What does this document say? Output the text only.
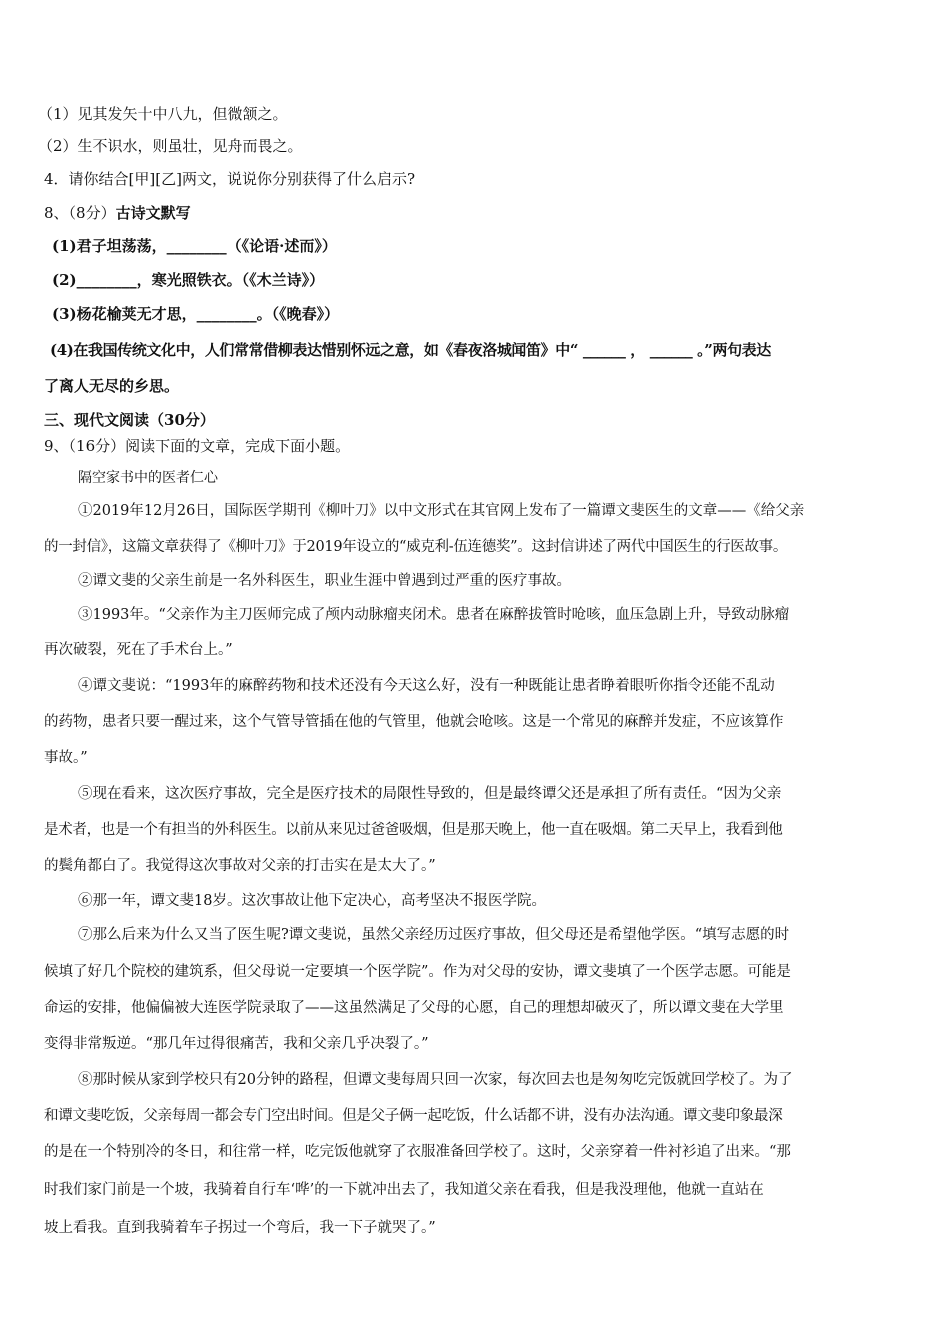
（1）见其发矢十中八九，但微颔之。
（2）生不识水，则虽壮，见舟而畏之。
4．请你结合[甲][乙]两文，说说你分别获得了什么启示?
8、（8分）古诗文默写
(1)君子坦荡荡，________（《论语·述而》）
(2)________，寒光照铁衣。（《木兰诗》）
(3)杨花榆荚无才思，________。（《晚春》）
(4)在我国传统文化中，人们常常借柳表达惜别怀远之意，如《春夜洛城闻笛》中“ ______ ， ______ 。”两句表达
了离人无尽的乡思。
三、现代文阅读（30分）
9、（16分）阅读下面的文章，完成下面小题。
隔空家书中的医者仁心
①2019年12月26日，国际医学期刊《柳叶刀》以中文形式在其官网上发布了一篇谭文斐医生的文章——《给父亲
的一封信》，这篇文章获得了《柳叶刀》于2019年设立的“威克利-伍连德奖”。这封信讲述了两代中国医生的行医故事。
②谭文斐的父亲生前是一名外科医生，职业生涯中曾遇到过严重的医疗事故。
③1993年。“父亲作为主刀医师完成了颅内动脉瘤夹闭术。患者在麻醉拔管时呛咳，血压急剧上升，导致动脉瘤
再次破裂，死在了手术台上。”
④谭文斐说：“1993年的麻醉药物和技术还没有今天这么好，没有一种既能让患者睁着眼听你指令还能不乱动
的药物，患者只要一醒过来，这个气管导管插在他的气管里，他就会呛咳。这是一个常见的麻醉并发症，不应该算作
事故。”
⑤现在看来，这次医疗事故，完全是医疗技术的局限性导致的，但是最终谭父还是承担了所有责任。“因为父亲
是术者，也是一个有担当的外科医生。以前从来见过爸爸吸烟，但是那天晚上，他一直在吸烟。第二天早上，我看到他
的鬓角都白了。我觉得这次事故对父亲的打击实在是太大了。”
⑥那一年，谭文斐18岁。这次事故让他下定决心，高考坚决不报医学院。
⑦那么后来为什么又当了医生呢?谭文斐说，虽然父亲经历过医疗事故，但父母还是希望他学医。“填写志愿的时
候填了好几个院校的建筑系，但父母说一定要填一个医学院”。作为对父母的安协，谭文斐填了一个医学志愿。可能是
命运的安排，他偏偏被大连医学院录取了——这虽然满足了父母的心愿，自己的理想却破灭了，所以谭文斐在大学里
变得非常叛逆。“那几年过得很痛苦，我和父亲几乎决裂了。”
⑧那时候从家到学校只有20分钟的路程，但谭文斐每周只回一次家，每次回去也是匆匆吃完饭就回学校了。为了
和谭文斐吃饭，父亲每周一都会专门空出时间。但是父子俩一起吃饭，什么话都不讲，没有办法沟通。谭文斐印象最深
的是在一个特别冷的冬日，和往常一样，吃完饭他就穿了衣服准备回学校了。这时，父亲穿着一件衬衫追了出来。“那
时我们家门前是一个坡，我骑着自行车‘哗’的一下就冲出去了，我知道父亲在看我，但是我没理他，他就一直站在
坡上看我。直到我骑着车子拐过一个弯后，我一下子就哭了。”
